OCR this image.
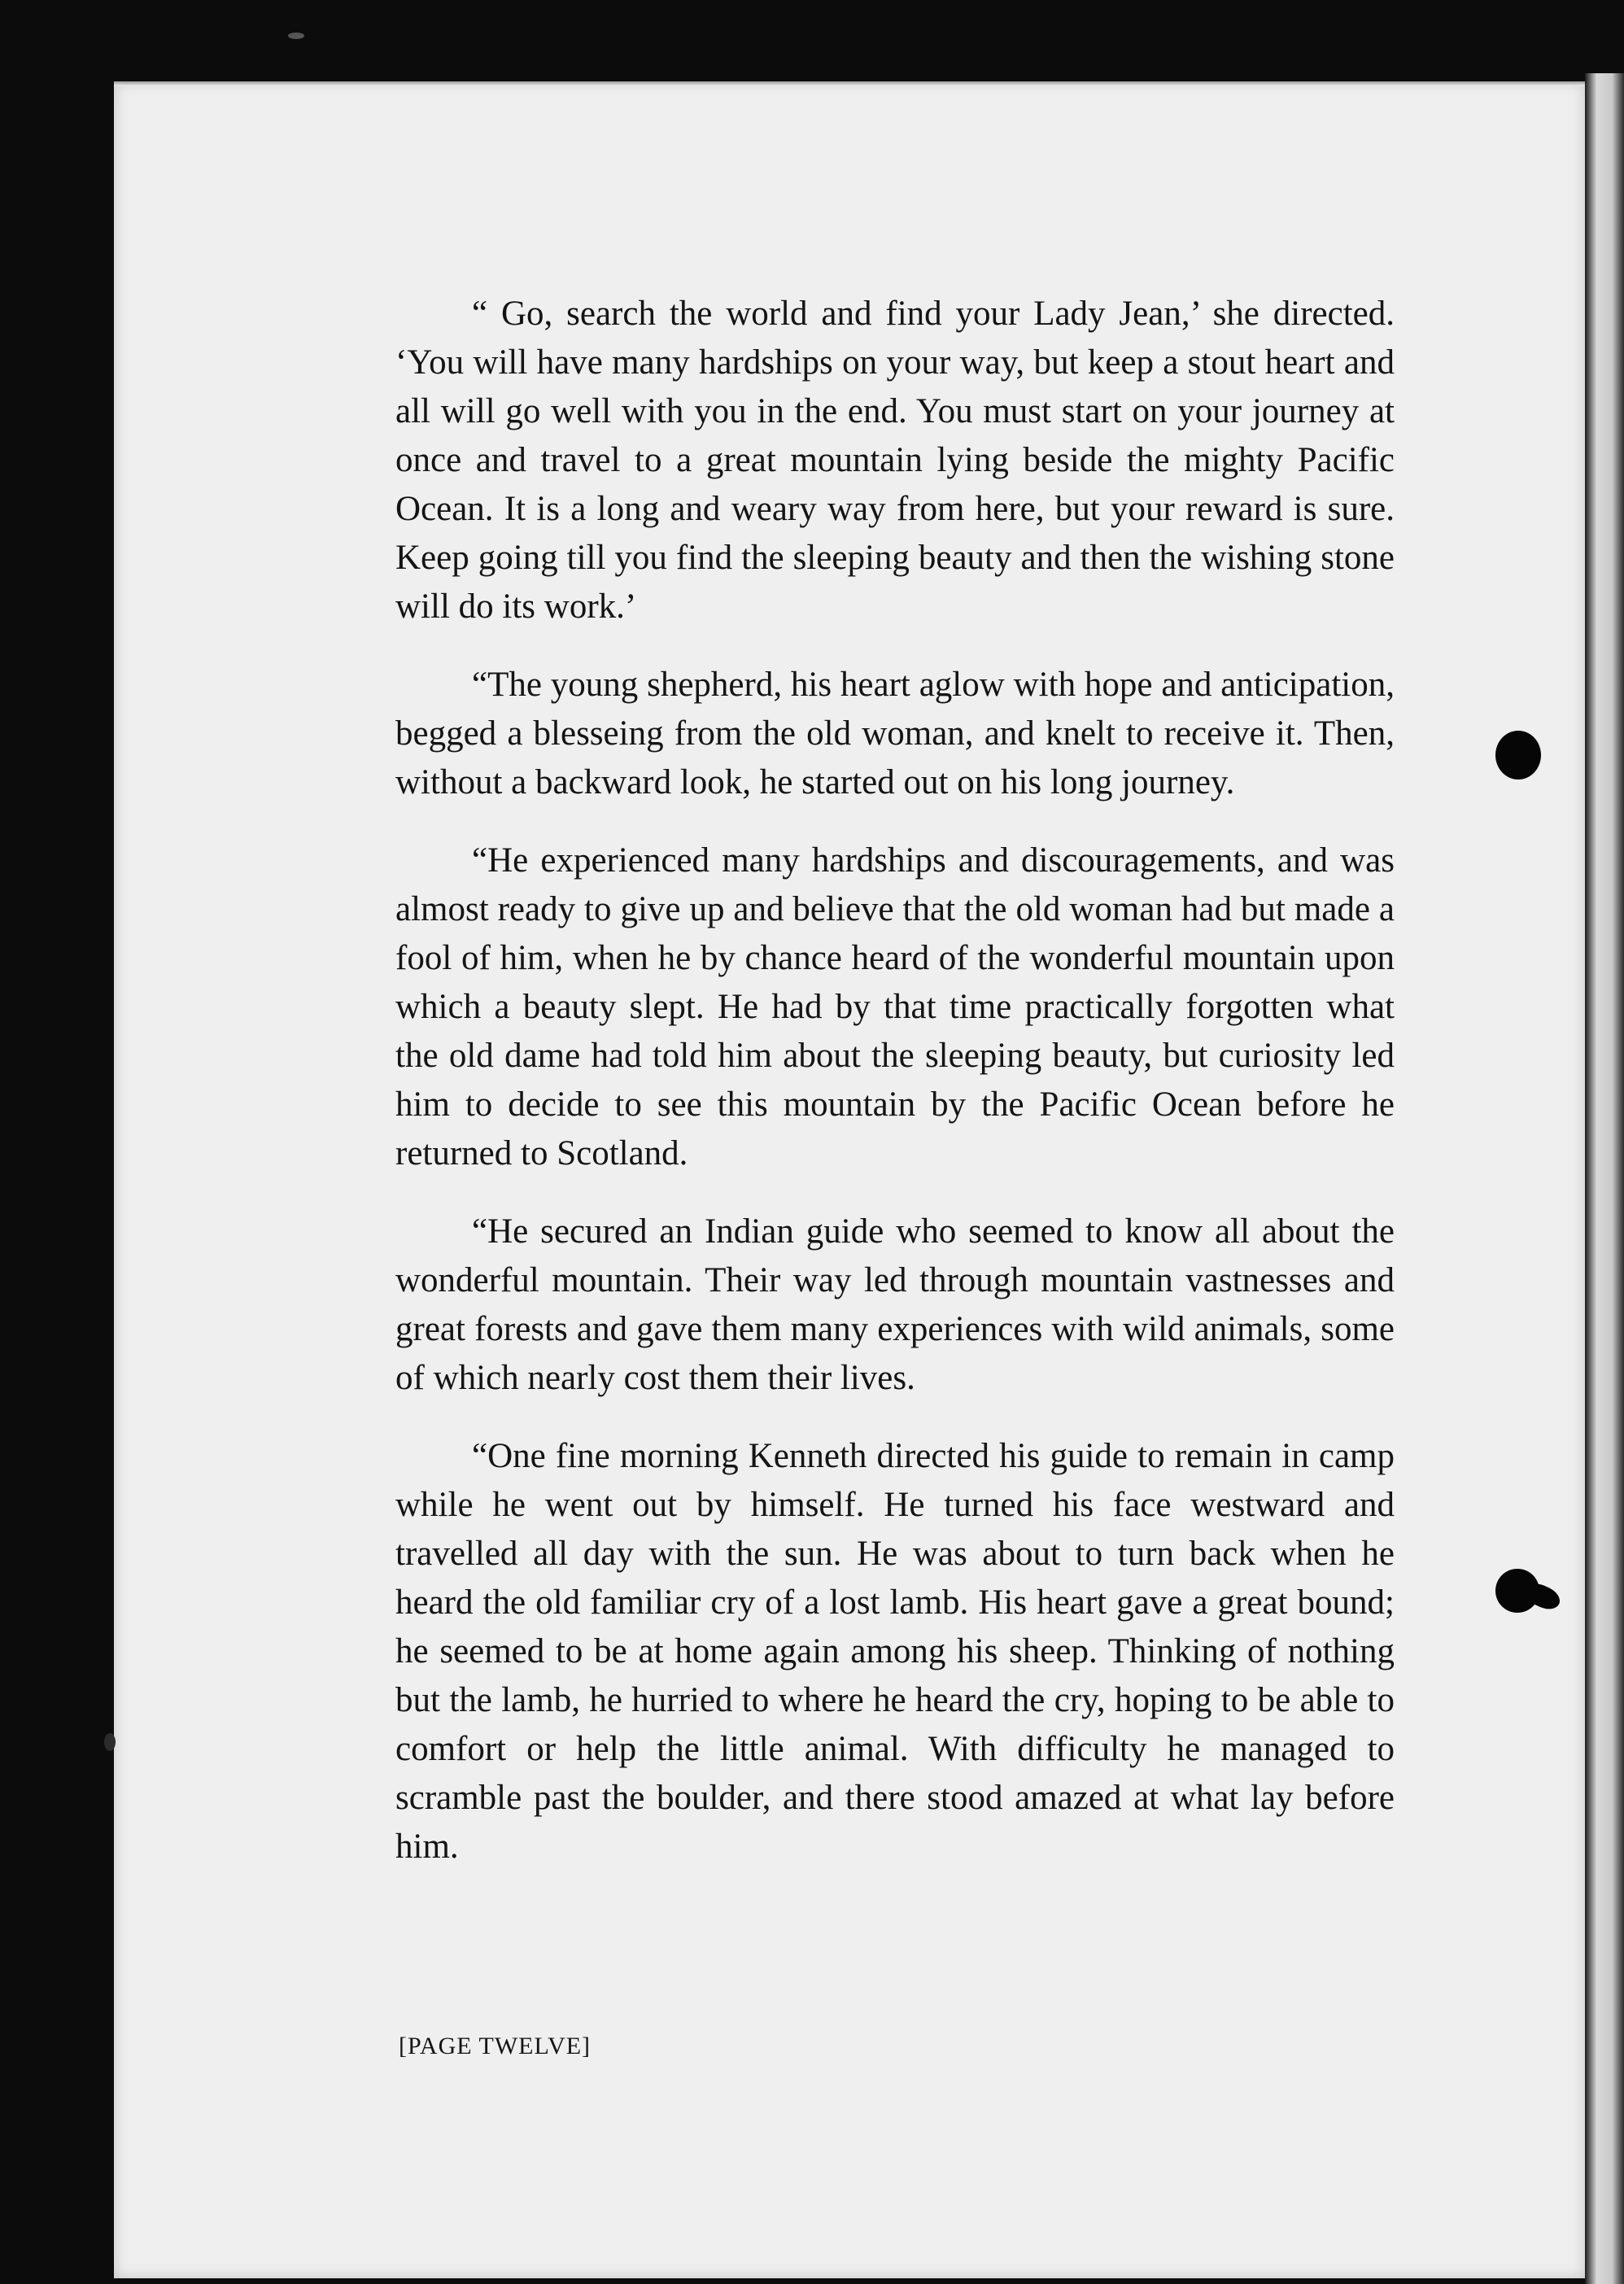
“ Go, search the world and find your Lady Jean,’ she directed. ‘You will have many hardships on your way, but keep a stout heart and all will go well with you in the end. You must start on your journey at once and travel to a great mountain lying beside the mighty Pacific Ocean. It is a long and weary way from here, but your reward is sure. Keep going till you find the sleeping beauty and then the wishing stone will do its work.’

“The young shepherd, his heart aglow with hope and anticipation, begged a blesseing from the old woman, and knelt to receive it. Then, without a backward look, he started out on his long journey.

“He experienced many hardships and discouragements, and was almost ready to give up and believe that the old woman had but made a fool of him, when he by chance heard of the wonderful mountain upon which a beauty slept. He had by that time practically forgotten what the old dame had told him about the sleeping beauty, but curiosity led him to decide to see this mountain by the Pacific Ocean before he returned to Scotland.

“He secured an Indian guide who seemed to know all about the wonderful mountain. Their way led through mountain vastnesses and great forests and gave them many experiences with wild animals, some of which nearly cost them their lives.

“One fine morning Kenneth directed his guide to remain in camp while he went out by himself. He turned his face westward and travelled all day with the sun. He was about to turn back when he heard the old familiar cry of a lost lamb. His heart gave a great bound; he seemed to be at home again among his sheep. Thinking of nothing but the lamb, he hurried to where he heard the cry, hoping to be able to comfort or help the little animal. With difficulty he managed to scramble past the boulder, and there stood amazed at what lay before him.

[PAGE TWELVE]
